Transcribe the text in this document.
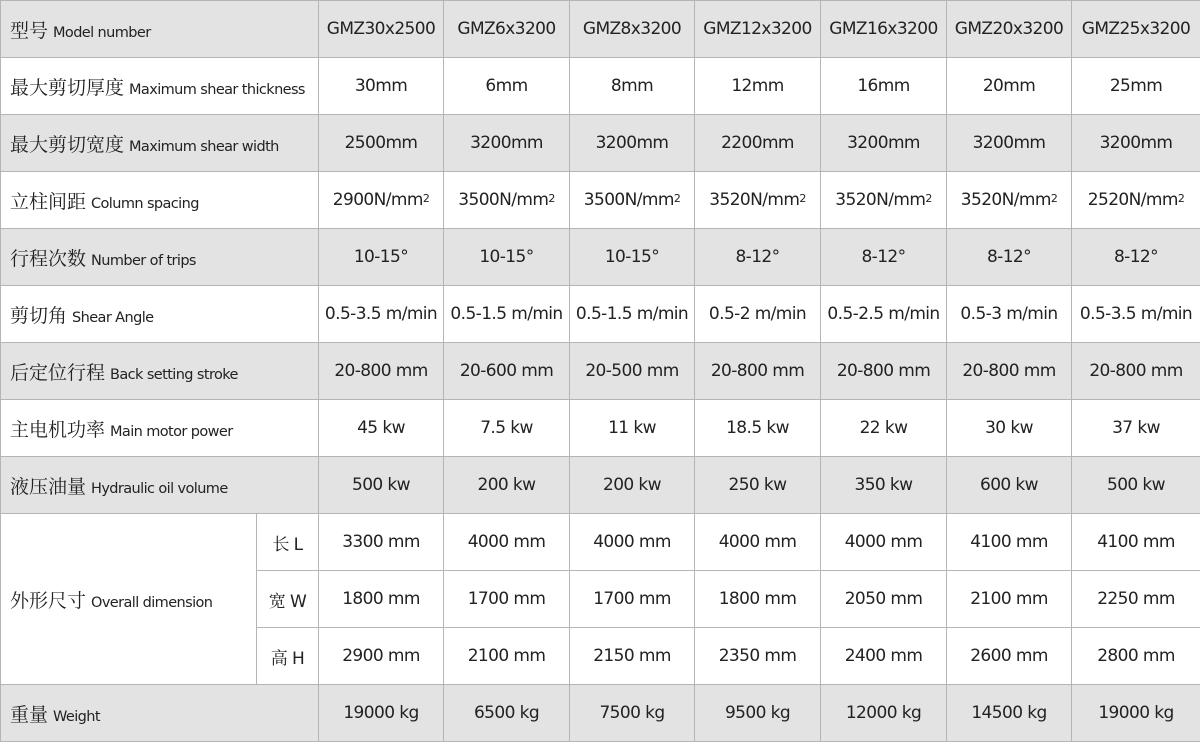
型号 Model number		GMZ30x2500	GMZ6x3200	GMZ8x3200	GMZ12x3200	GMZ16x3200	GMZ20x3200	GMZ25x3200
最大剪切厚度 Maximum shear thickness		30mm	6mm	8mm	12mm	16mm	20mm	25mm
最大剪切宽度 Maximum shear width		2500mm	3200mm	3200mm	2200mm	3200mm	3200mm	3200mm
立柱间距 Column spacing		$2900N/mm^2$	$3500N/mm^2$	$3500N/mm^2$	$3520N/mm^2$	$3520N/mm^2$	$3520N/mm^2$	$2520N/mm^2$
行程次数 Number of trips		10-15°	10-15°	10-15°	8-12°	8-12°	8-12°	8-12°
剪切角 Shear Angle		0.5-3.5 m/min	0.5-1.5 m/min	0.5-1.5 m/min	0.5-2 m/min	0.5-2.5 m/min	0.5-3 m/min	0.5-3.5 m/min
后定位行程 Back setting stroke		20-800 mm	20-600 mm	20-500 mm	20-800 mm	20-800 mm	20-800 mm	20-800 mm
主电机功率 Main motor power		45 kw	7.5 kw	11 kw	18.5 kw	22 kw	30 kw	37 kw
液压油量 Hydraulic oil volume		500 kw	200 kw	200 kw	250 kw	350 kw	600 kw	500 kw
外形尺寸 Overall dimension	长 L	3300 mm	4000 mm	4000 mm	4000 mm	4000 mm	4100 mm	4100 mm
	宽 W	1800 mm	1700 mm	1700 mm	1800 mm	2050 mm	2100 mm	2250 mm
	高 H	2900 mm	2100 mm	2150 mm	2350 mm	2400 mm	2600 mm	2800 mm
重量 Weight		19000 kg	6500 kg	7500 kg	9500 kg	12000 kg	14500 kg	19000 kg
